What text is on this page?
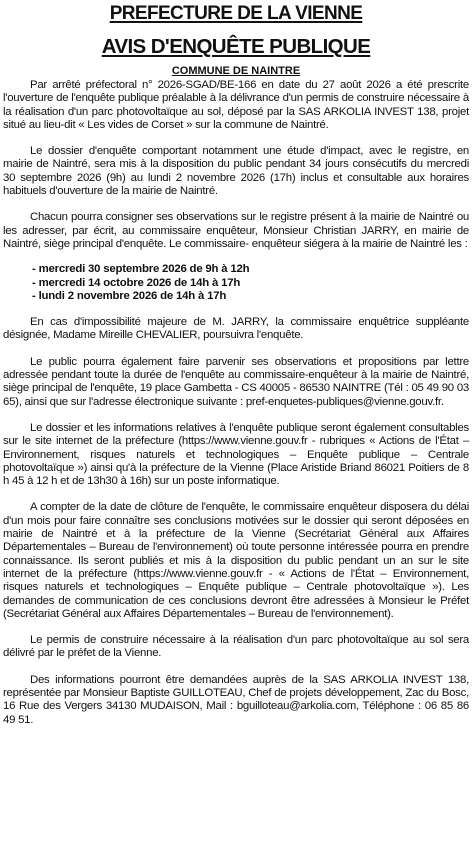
PREFECTURE DE LA VIENNE
AVIS D'ENQUÊTE PUBLIQUE
COMMUNE DE NAINTRE

Par arrêté préfectoral n° 2026-SGAD/BE-166 en date du 27 août 2026 a été prescrite l'ouverture de l'enquête publique préalable à la délivrance d'un permis de construire nécessaire à la réalisation d'un parc photovoltaïque au sol, déposé par la SAS ARKOLIA INVEST 138, projet situé au lieu-dit « Les vides de Corset » sur la commune de Naintré.

Le dossier d'enquête comportant notamment une étude d'impact, avec le registre, en mairie de Naintré, sera mis à la disposition du public pendant 34 jours consécutifs du mercredi 30 septembre 2026 (9h) au lundi 2 novembre 2026 (17h) inclus et consultable aux horaires habituels d'ouverture de la mairie de Naintré.

Chacun pourra consigner ses observations sur le registre présent à la mairie de Naintré ou les adresser, par écrit, au commissaire enquêteur, Monsieur Christian JARRY, en mairie de Naintré, siège principal d'enquête. Le commissaire- enquêteur siégera à la mairie de Naintré les :

- mercredi 30 septembre 2026 de 9h à 12h
- mercredi 14 octobre 2026 de 14h à 17h
- lundi 2 novembre 2026 de 14h à 17h

En cas d'impossibilité majeure de M. JARRY, la commissaire enquêtrice suppléante désignée, Madame Mireille CHEVALIER, poursuivra l'enquête.

Le public pourra également faire parvenir ses observations et propositions par lettre adressée pendant toute la durée de l'enquête au commissaire-enquêteur à la mairie de Naintré, siège principal de l'enquête, 19 place Gambetta - CS 40005 - 86530 NAINTRE (Tél : 05 49 90 03 65), ainsi que sur l'adresse électronique suivante : pref-enquetes-publiques@vienne.gouv.fr.

Le dossier et les informations relatives à l'enquête publique seront également consultables sur le site internet de la préfecture (https://www.vienne.gouv.fr - rubriques « Actions de l'État – Environnement, risques naturels et technologiques – Enquête publique – Centrale photovoltaïque ») ainsi qu'à la préfecture de la Vienne (Place Aristide Briand 86021 Poitiers de 8 h 45 à 12 h et de 13h30 à 16h) sur un poste informatique.

A compter de la date de clôture de l'enquête, le commissaire enquêteur disposera du délai d'un mois pour faire connaître ses conclusions motivées sur le dossier qui seront déposées en mairie de Naintré et à la préfecture de la Vienne (Secrétariat Général aux Affaires Départementales – Bureau de l'environnement) où toute personne intéressée pourra en prendre connaissance. Ils seront publiés et mis à la disposition du public pendant un an sur le site internet de la préfecture (https://www.vienne.gouv.fr - « Actions de l'État – Environnement, risques naturels et technologiques – Enquête publique – Centrale photovoltaïque »). Les demandes de communication de ces conclusions devront être adressées à Monsieur le Préfet (Secrétariat Général aux Affaires Départementales – Bureau de l'environnement).

Le permis de construire nécessaire à la réalisation d'un parc photovoltaïque au sol sera délivré par le préfet de la Vienne.

Des informations pourront être demandées auprès de la SAS ARKOLIA INVEST 138, représentée par Monsieur Baptiste GUILLOTEAU, Chef de projets développement, Zac du Bosc, 16 Rue des Vergers 34130 MUDAISON, Mail : bguilloteau@arkolia.com, Téléphone : 06 85 86 49 51.
